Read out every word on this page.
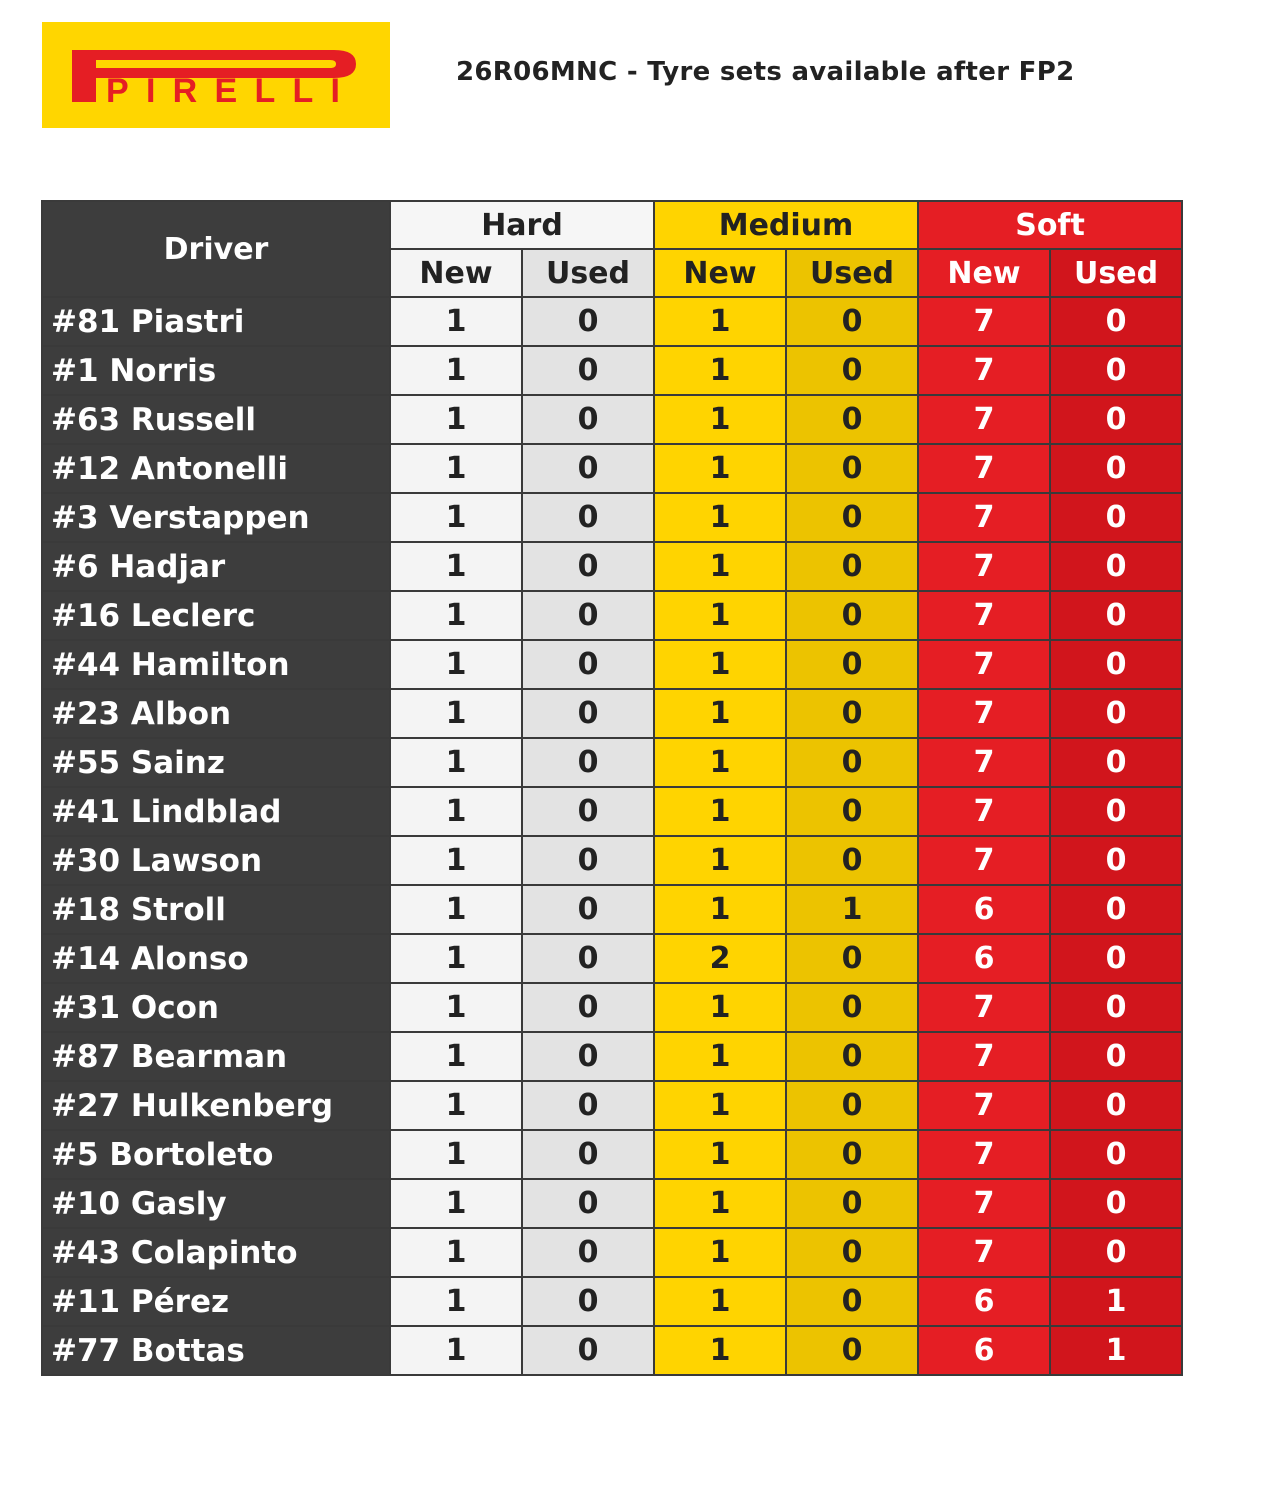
PIRELLI	26R06MNC - Tyre sets available after FP2
Driver	Hard		Medium		Soft	
	New	Used	New	Used	New	Used
#81 Piastri	1	0	1	0	7	0
#1 Norris	1	0	1	0	7	0
#63 Russell	1	0	1	0	7	0
#12 Antonelli	1	0	1	0	7	0
#3 Verstappen	1	0	1	0	7	0
#6 Hadjar	1	0	1	0	7	0
#16 Leclerc	1	0	1	0	7	0
#44 Hamilton	1	0	1	0	7	0
#23 Albon	1	0	1	0	7	0
#55 Sainz	1	0	1	0	7	0
#41 Lindblad	1	0	1	0	7	0
#30 Lawson	1	0	1	0	7	0
#18 Stroll	1	0	1	1	6	0
#14 Alonso	1	0	2	0	6	0
#31 Ocon	1	0	1	0	7	0
#87 Bearman	1	0	1	0	7	0
#27 Hulkenberg	1	0	1	0	7	0
#5 Bortoleto	1	0	1	0	7	0
#10 Gasly	1	0	1	0	7	0
#43 Colapinto	1	0	1	0	7	0
#11 Pérez	1	0	1	0	6	1
#77 Bottas	1	0	1	0	6	1
